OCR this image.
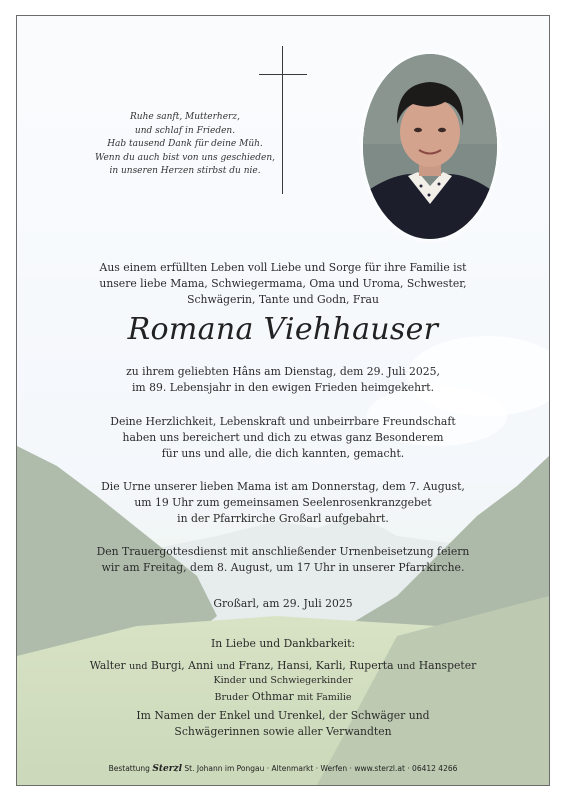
Ruhe sanft, Mutterherz,
und schlaf in Frieden.
Hab tausend Dank für deine Müh.
Wenn du auch bist von uns geschieden,
in unseren Herzen stirbst du nie.
Aus einem erfüllten Leben voll Liebe und Sorge für ihre Familie ist
unsere liebe Mama, Schwiegermama, Oma und Uroma, Schwester,
Schwägerin, Tante und Godn, Frau
Romana Viehhauser
zu ihrem geliebten Hâns am Dienstag, dem 29. Juli 2025,
im 89. Lebensjahr in den ewigen Frieden heimgekehrt.
Deine Herzlichkeit, Lebenskraft und unbeirrbare Freundschaft
haben uns bereichert und dich zu etwas ganz Besonderem
für uns und alle, die dich kannten, gemacht.
Die Urne unserer lieben Mama ist am Donnerstag, dem 7. August,
um 19 Uhr zum gemeinsamen Seelenrosenkranzgebet
in der Pfarrkirche Großarl aufgebahrt.
Den Trauergottesdienst mit anschließender Urnenbeisetzung feiern
wir am Freitag, dem 8. August, um 17 Uhr in unserer Pfarrkirche.
Großarl, am 29. Juli 2025
In Liebe und Dankbarkeit:
Walter und Burgi, Anni und Franz, Hansi, Karli, Ruperta und Hanspeter
Kinder und Schwiegerkinder
Bruder Othmar mit Familie
Im Namen der Enkel und Urenkel, der Schwäger und
Schwägerinnen sowie aller Verwandten
Bestattung Sterzl St. Johann im Pongau · Altenmarkt · Werfen · www.sterzl.at · 06412 4266
